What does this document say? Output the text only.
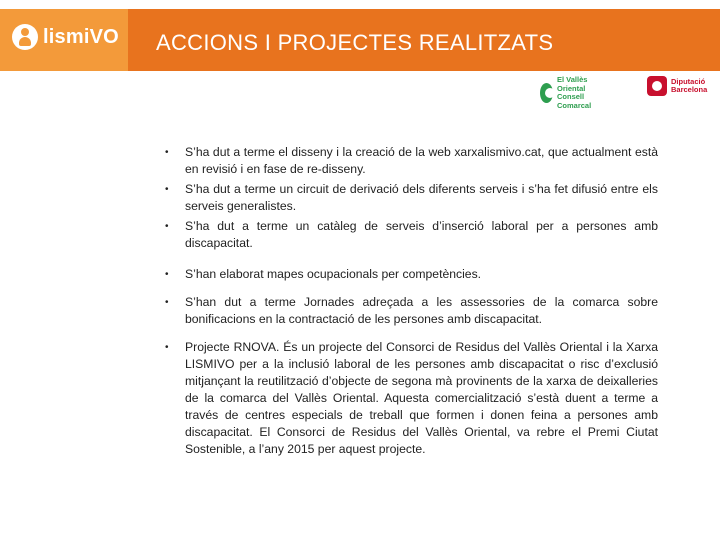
lismiVO ACCIONS I PROJECTES REALITZATS
El Vallès Oriental
Consell Comarcal
Diputació
Barcelona
• S’ha dut a terme el disseny i la creació de la web xarxalismivo.cat, que actualment està en revisió i en fase de re-disseny.
• S’ha dut a terme un circuit de derivació dels diferents serveis i s’ha fet difusió entre els serveis generalistes.
• S’ha dut a terme un catàleg de serveis d’inserció laboral per a persones amb discapacitat.
• S’han elaborat mapes ocupacionals per competències.
• S’han dut a terme Jornades adreçada a les assessories de la comarca sobre bonificacions en la contractació de les persones amb discapacitat.
• Projecte RNOVA. És un projecte del Consorci de Residus del Vallès Oriental i la Xarxa LISMIVO per a la inclusió laboral de les persones amb discapacitat o risc d’exclusió mitjançant la reutilització d’objecte de segona mà provinents de la xarxa de deixalleries de la comarca del Vallès Oriental. Aquesta comercialització s’està duent a terme a través de centres especials de treball que formen i donen feina a persones amb discapacitat. El Consorci de Residus del Vallès Oriental, va rebre el Premi Ciutat Sostenible, a l’any 2015 per aquest projecte.
